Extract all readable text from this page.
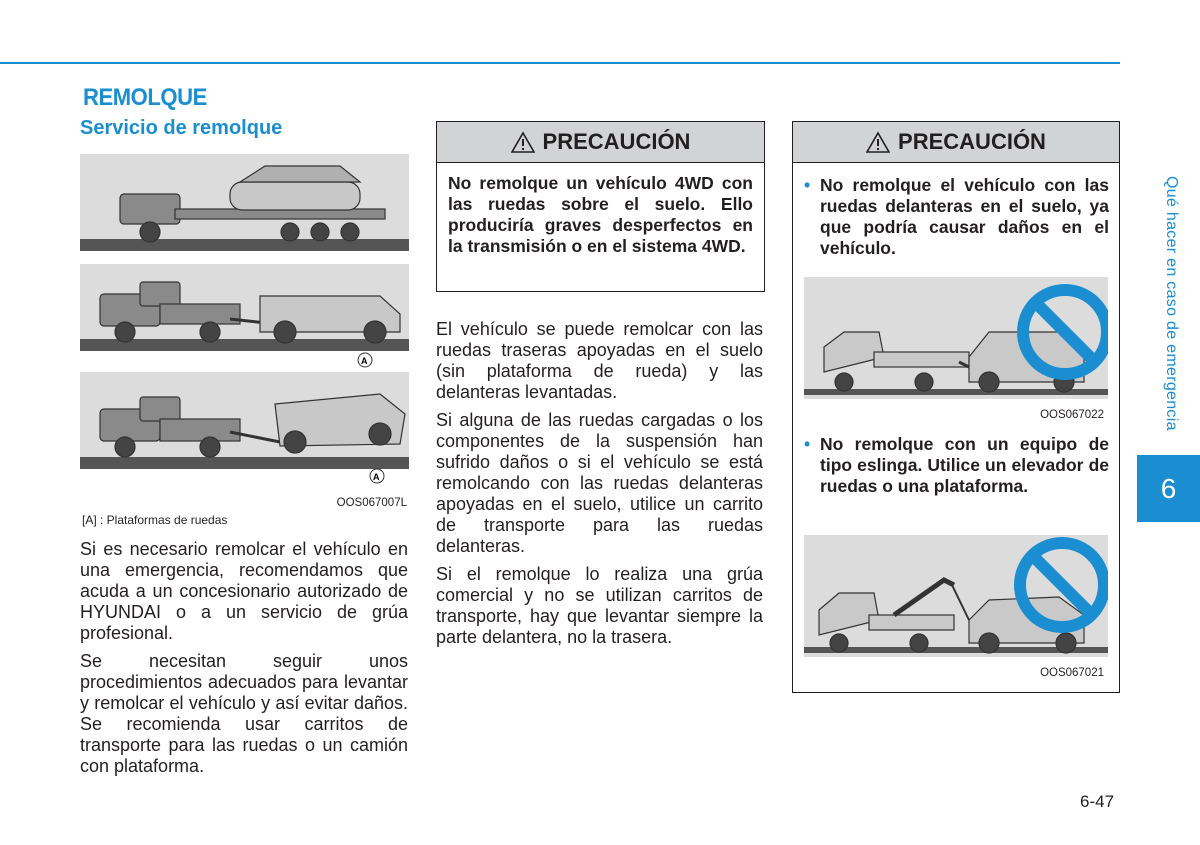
REMOLQUE
Servicio de remolque
A
A
OOS067007L
[A] : Plataformas de ruedas

Si es necesario remolcar el vehículo en una emergencia, recomendamos que acuda a un concesionario autorizado de HYUNDAI o a un servicio de grúa profesional.

Se necesitan seguir unos procedimientos adecuados para levantar y remolcar el vehículo y así evitar daños. Se recomienda usar carritos de transporte para las ruedas o un camión con plataforma.

PRECAUCIÓN
No remolque un vehículo 4WD con las ruedas sobre el suelo. Ello produciría graves desperfectos en la transmisión o en el sistema 4WD.

El vehículo se puede remolcar con las ruedas traseras apoyadas en el suelo (sin plataforma de rueda) y las delanteras levantadas.

Si alguna de las ruedas cargadas o los componentes de la suspensión han sufrido daños o si el vehículo se está remolcando con las ruedas delanteras apoyadas en el suelo, utilice un carrito de transporte para las ruedas delanteras.

Si el remolque lo realiza una grúa comercial y no se utilizan carritos de transporte, hay que levantar siempre la parte delantera, no la trasera.

PRECAUCIÓN
• No remolque el vehículo con las ruedas delanteras en el suelo, ya que podría causar daños en el vehículo.
OOS067022
• No remolque con un equipo de tipo eslinga. Utilice un elevador de ruedas o una plataforma.
OOS067021
Qué hacer en caso de emergencia
6
6-47
